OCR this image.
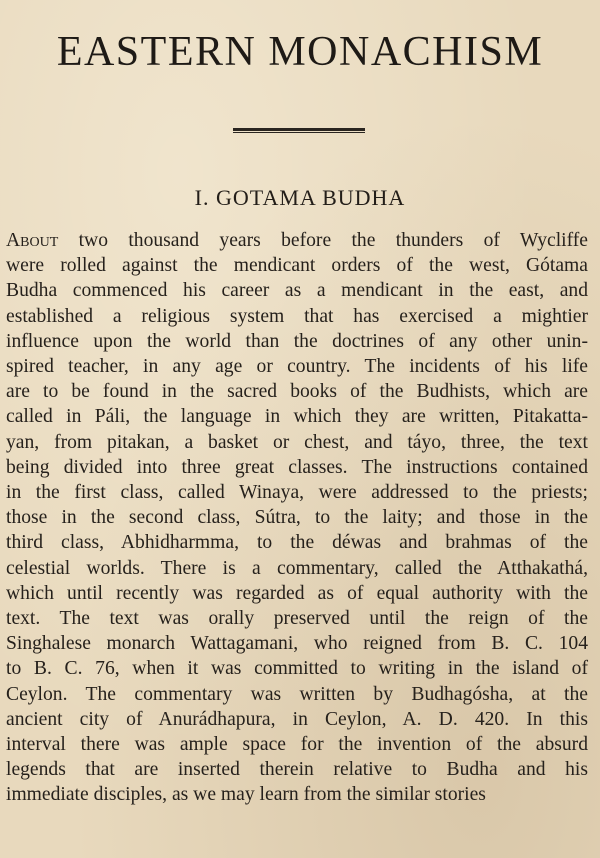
EASTERN MONACHISM
I. GOTAMA BUDHA
About two thousand years before the thunders of Wycliffe
were rolled against the mendicant orders of the west, Gótama
Budha commenced his career as a mendicant in the east, and
established a religious system that has exercised a mightier
influence upon the world than the doctrines of any other unin-
spired teacher, in any age or country. The incidents of his life
are to be found in the sacred books of the Budhists, which are
called in Páli, the language in which they are written, Pitakatta-
yan, from pitakan, a basket or chest, and táyo, three, the text
being divided into three great classes. The instructions contained
in the first class, called Winaya, were addressed to the priests;
those in the second class, Sútra, to the laity; and those in the
third class, Abhidharmma, to the déwas and brahmas of the
celestial worlds. There is a commentary, called the Atthakathá,
which until recently was regarded as of equal authority with the
text. The text was orally preserved until the reign of the
Singhalese monarch Wattagamani, who reigned from B. C. 104
to B. C. 76, when it was committed to writing in the island of
Ceylon. The commentary was written by Budhagósha, at the
ancient city of Anurádhapura, in Ceylon, A. D. 420. In this
interval there was ample space for the invention of the absurd
legends that are inserted therein relative to Budha and his
immediate disciples, as we may learn from the similar stories
